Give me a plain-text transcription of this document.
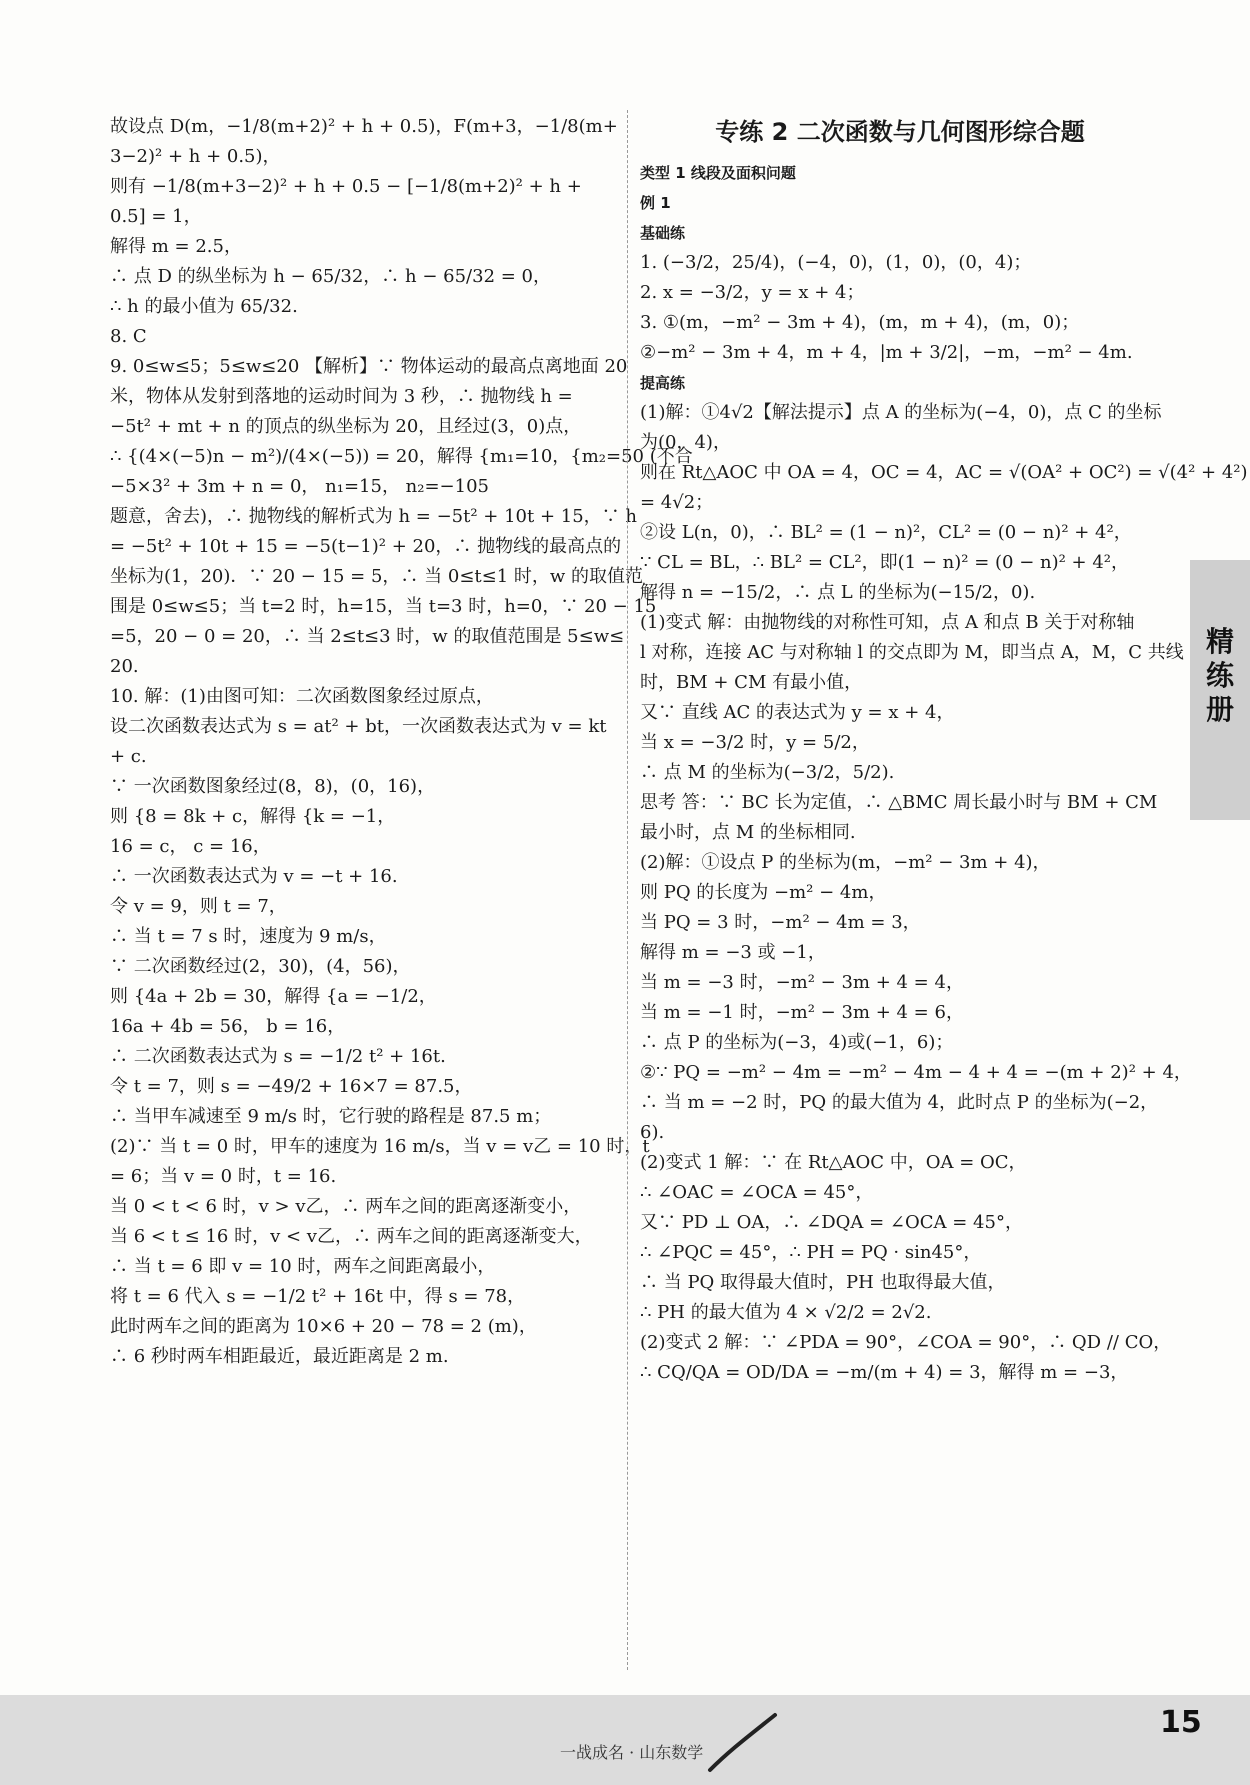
故设点 D(m，−1/8(m+2)² + h + 0.5)，F(m+3，−1/8(m+
3−2)² + h + 0.5)，
则有 −1/8(m+3−2)² + h + 0.5 − [−1/8(m+2)² + h +
0.5] = 1，
解得 m = 2.5，
∴ 点 D 的纵坐标为 h − 65/32，∴ h − 65/32 = 0，
∴ h 的最小值为 65/32.
8. C
9. 0≤w≤5；5≤w≤20 【解析】∵ 物体运动的最高点离地面 20
米，物体从发射到落地的运动时间为 3 秒，∴ 抛物线 h =
−5t² + mt + n 的顶点的纵坐标为 20，且经过(3，0)点，
∴ {(4×(−5)n − m²)/(4×(−5)) = 20，解得 {m₁=10，{m₂=50 (不合
−5×3² + 3m + n = 0， n₁=15， n₂=−105
题意，舍去)，∴ 抛物线的解析式为 h = −5t² + 10t + 15，∵ h
= −5t² + 10t + 15 = −5(t−1)² + 20，∴ 抛物线的最高点的
坐标为(1，20)．∵ 20 − 15 = 5，∴ 当 0≤t≤1 时，w 的取值范
围是 0≤w≤5；当 t=2 时，h=15，当 t=3 时，h=0，∵ 20 − 15
=5，20 − 0 = 20，∴ 当 2≤t≤3 时，w 的取值范围是 5≤w≤
20.
10. 解：(1)由图可知：二次函数图象经过原点，
设二次函数表达式为 s = at² + bt，一次函数表达式为 v = kt
+ c.
∵ 一次函数图象经过(8，8)，(0，16)，
则 {8 = 8k + c，解得 {k = −1，
16 = c， c = 16，
∴ 一次函数表达式为 v = −t + 16.
令 v = 9，则 t = 7，
∴ 当 t = 7 s 时，速度为 9 m/s，
∵ 二次函数经过(2，30)，(4，56)，
则 {4a + 2b = 30，解得 {a = −1/2，
16a + 4b = 56， b = 16，
∴ 二次函数表达式为 s = −1/2 t² + 16t.
令 t = 7，则 s = −49/2 + 16×7 = 87.5，
∴ 当甲车减速至 9 m/s 时，它行驶的路程是 87.5 m；
(2)∵ 当 t = 0 时，甲车的速度为 16 m/s，当 v = v乙 = 10 时，t
= 6；当 v = 0 时，t = 16.
当 0 < t < 6 时，v > v乙，∴ 两车之间的距离逐渐变小，
当 6 < t ≤ 16 时，v < v乙，∴ 两车之间的距离逐渐变大，
∴ 当 t = 6 即 v = 10 时，两车之间距离最小，
将 t = 6 代入 s = −1/2 t² + 16t 中，得 s = 78，
此时两车之间的距离为 10×6 + 20 − 78 = 2 (m)，
∴ 6 秒时两车相距最近，最近距离是 2 m.
专练 2 二次函数与几何图形综合题
类型 1 线段及面积问题
例 1
基础练
1. (−3/2，25/4)，(−4，0)，(1，0)，(0，4)；
2. x = −3/2，y = x + 4；
3. ①(m，−m² − 3m + 4)，(m，m + 4)，(m，0)；
②−m² − 3m + 4，m + 4，|m + 3/2|，−m，−m² − 4m.
提高练
(1)解：①4√2【解法提示】点 A 的坐标为(−4，0)，点 C 的坐标
为(0，4)，
则在 Rt△AOC 中 OA = 4，OC = 4，AC = √(OA² + OC²) = √(4² + 4²)
= 4√2；
②设 L(n，0)，∴ BL² = (1 − n)²，CL² = (0 − n)² + 4²，
∵ CL = BL，∴ BL² = CL²，即(1 − n)² = (0 − n)² + 4²，
解得 n = −15/2，∴ 点 L 的坐标为(−15/2，0).
(1)变式 解：由抛物线的对称性可知，点 A 和点 B 关于对称轴
l 对称，连接 AC 与对称轴 l 的交点即为 M，即当点 A，M，C 共线
时，BM + CM 有最小值，
又∵ 直线 AC 的表达式为 y = x + 4，
当 x = −3/2 时，y = 5/2，
∴ 点 M 的坐标为(−3/2，5/2).
思考 答：∵ BC 长为定值，∴ △BMC 周长最小时与 BM + CM
最小时，点 M 的坐标相同.
(2)解：①设点 P 的坐标为(m，−m² − 3m + 4)，
则 PQ 的长度为 −m² − 4m，
当 PQ = 3 时，−m² − 4m = 3，
解得 m = −3 或 −1，
当 m = −3 时，−m² − 3m + 4 = 4，
当 m = −1 时，−m² − 3m + 4 = 6，
∴ 点 P 的坐标为(−3，4)或(−1，6)；
②∵ PQ = −m² − 4m = −m² − 4m − 4 + 4 = −(m + 2)² + 4，
∴ 当 m = −2 时，PQ 的最大值为 4，此时点 P 的坐标为(−2，
6).
(2)变式 1 解：∵ 在 Rt△AOC 中，OA = OC，
∴ ∠OAC = ∠OCA = 45°，
又∵ PD ⊥ OA，∴ ∠DQA = ∠OCA = 45°，
∴ ∠PQC = 45°，∴ PH = PQ · sin45°，
∴ 当 PQ 取得最大值时，PH 也取得最大值，
∴ PH 的最大值为 4 × √2/2 = 2√2.
(2)变式 2 解：∵ ∠PDA = 90°，∠COA = 90°，∴ QD // CO，
∴ CQ/QA = OD/DA = −m/(m + 4) = 3，解得 m = −3，
精练册
一战成名 · 山东数学
15
